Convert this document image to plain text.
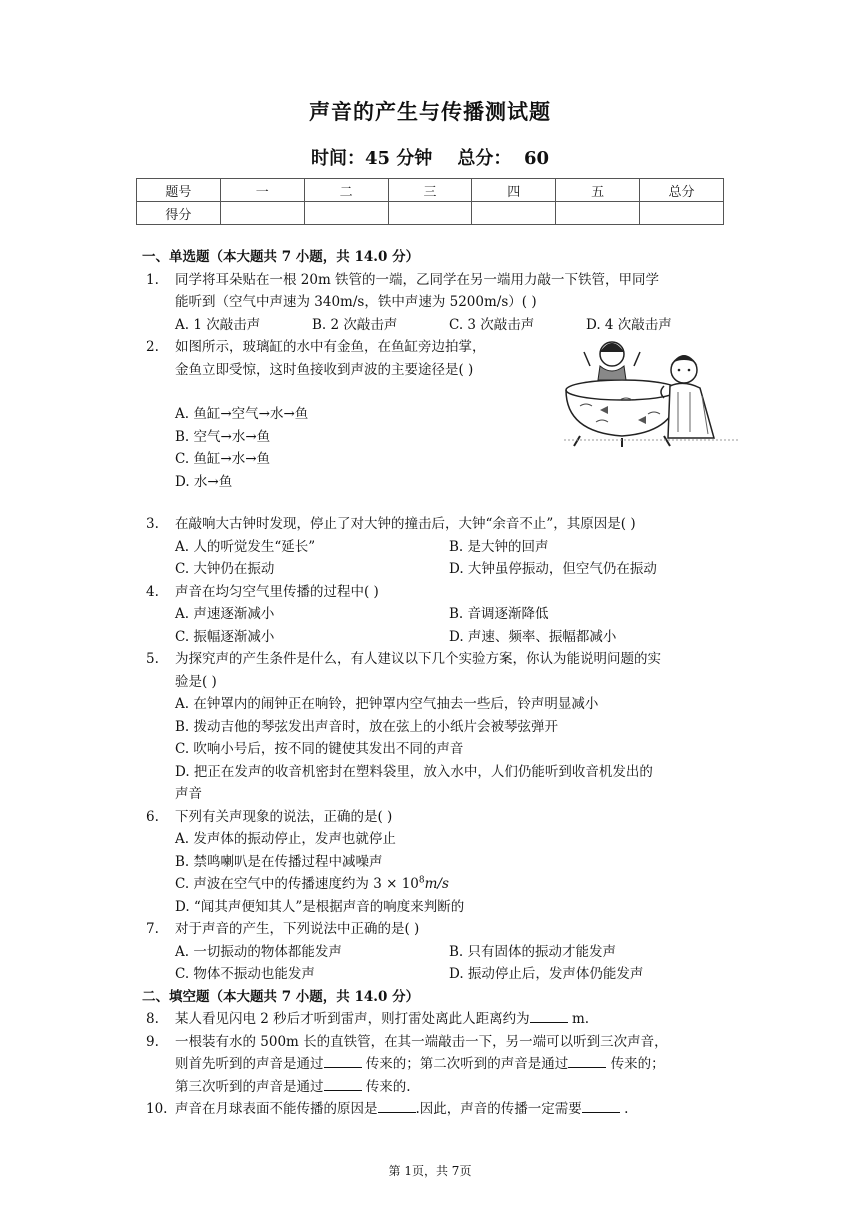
声音的产生与传播测试题
时间：45 分钟 总分： 60
题号	一	二	三	四	五	总分
得分						
一、单选题（本大题共 7 小题，共 14.0 分）
1. 同学将耳朵贴在一根 20m 铁管的一端，乙同学在另一端用力敲一下铁管，甲同学
能听到（空气中声速为 340m/s，铁中声速为 5200m/s）( )
A. 1 次敲击声	B. 2 次敲击声	C. 3 次敲击声	D. 4 次敲击声
2. 如图所示，玻璃缸的水中有金鱼，在鱼缸旁边拍掌，
金鱼立即受惊，这时鱼接收到声波的主要途径是( )
A. 鱼缸→空气→水→鱼
B. 空气→水→鱼
C. 鱼缸→水→鱼
D. 水→鱼
3. 在敲响大古钟时发现，停止了对大钟的撞击后，大钟“余音不止”，其原因是( )
A. 人的听觉发生“延长”	B. 是大钟的回声
C. 大钟仍在振动	D. 大钟虽停振动，但空气仍在振动
4. 声音在均匀空气里传播的过程中( )
A. 声速逐渐减小	B. 音调逐渐降低
C. 振幅逐渐减小	D. 声速、频率、振幅都减小
5. 为探究声的产生条件是什么，有人建议以下几个实验方案，你认为能说明问题的实
验是( )
A. 在钟罩内的闹钟正在响铃，把钟罩内空气抽去一些后，铃声明显减小
B. 拨动吉他的琴弦发出声音时，放在弦上的小纸片会被琴弦弹开
C. 吹响小号后，按不同的键使其发出不同的声音
D. 把正在发声的收音机密封在塑料袋里，放入水中，人们仍能听到收音机发出的
声音
6. 下列有关声现象的说法，正确的是( )
A. 发声体的振动停止，发声也就停止
B. 禁鸣喇叭是在传播过程中减噪声
C. 声波在空气中的传播速度约为 $3 \times 10^8m/s$
D. “闻其声便知其人”是根据声音的响度来判断的
7. 对于声音的产生，下列说法中正确的是( )
A. 一切振动的物体都能发声	B. 只有固体的振动才能发声
C. 物体不振动也能发声	D. 振动停止后，发声体仍能发声
二、填空题（本大题共 7 小题，共 14.0 分）
8. 某人看见闪电 2 秒后才听到雷声，则打雷处离此人距离约为	m.
9. 一根装有水的 500m 长的直铁管，在其一端敲击一下，另一端可以听到三次声音，
则首先听到的声音是通过	传来的；第二次听到的声音是通过	传来的；
第三次听到的声音是通过	传来的.
10. 声音在月球表面不能传播的原因是	.因此，声音的传播一定需要	.
第 1页，共 7页
